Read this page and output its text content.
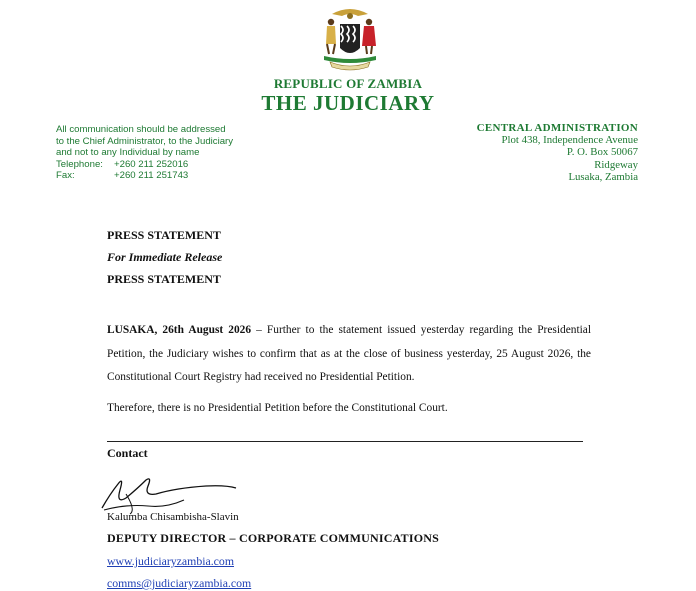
REPUBLIC OF ZAMBIA
THE JUDICIARY
All communication should be addressed
to the Chief Administrator, to the Judiciary
and not to any Individual by name
Telephone: +260 211 252016
Fax:	+260 211 251743
CENTRAL ADMINISTRATION
Plot 438, Independence Avenue
P. O. Box 50067
Ridgeway
Lusaka, Zambia
PRESS STATEMENT
For Immediate Release
PRESS STATEMENT
LUSAKA, 26th August 2026 – Further to the statement issued yesterday regarding the Presidential Petition, the Judiciary wishes to confirm that as at the close of business yesterday, 25 August 2026, the Constitutional Court Registry had received no Presidential Petition.
Therefore, there is no Presidential Petition before the Constitutional Court.
Contact
Kalumba Chisambisha-Slavin
DEPUTY DIRECTOR – CORPORATE COMMUNICATIONS
www.judiciaryzambia.com
comms@judiciaryzambia.com
